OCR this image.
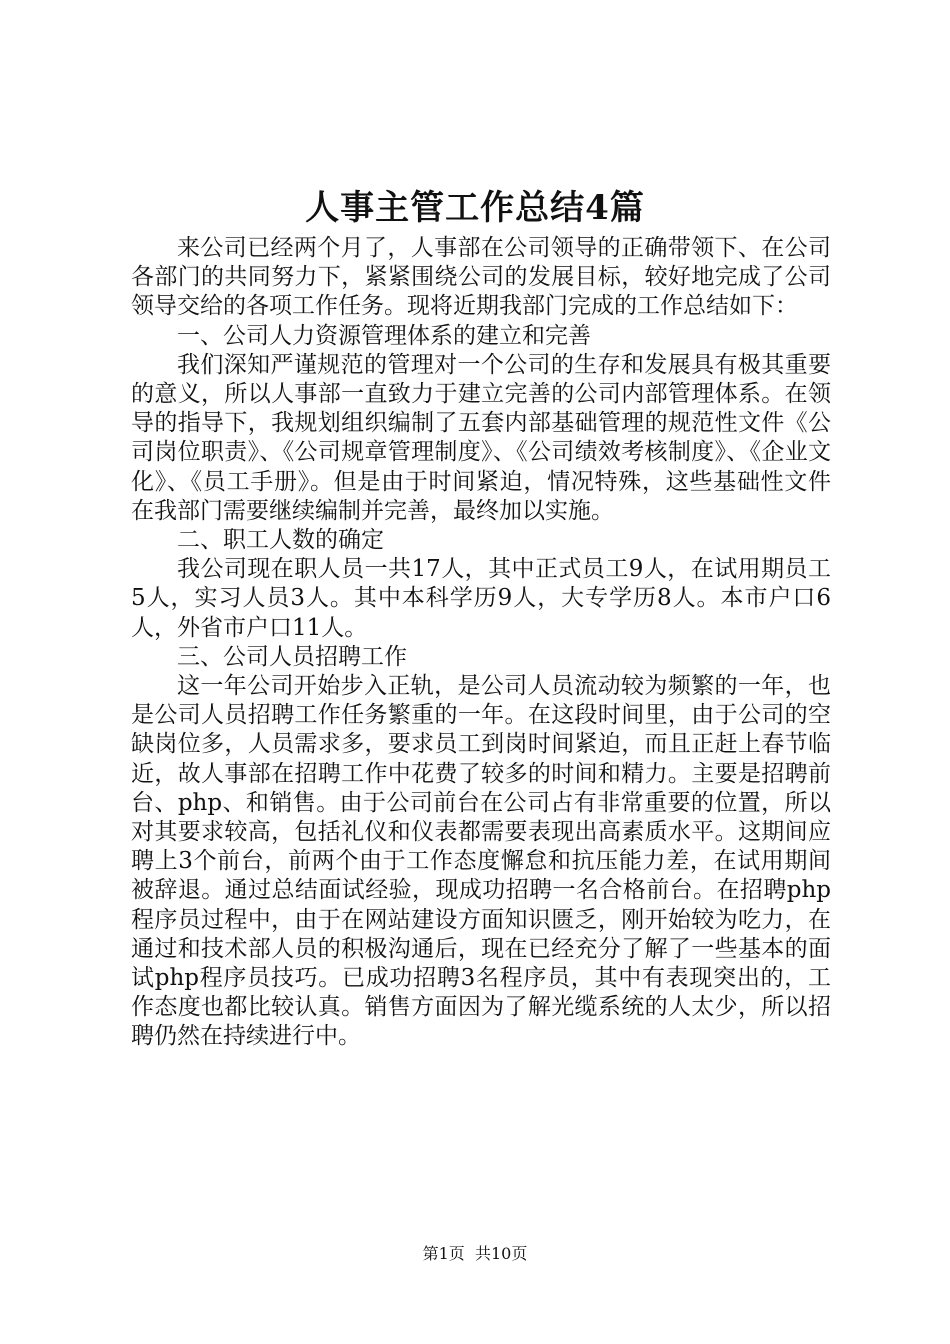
人事主管工作总结4篇

来公司已经两个月了，人事部在公司领导的正确带领下、在公司各部门的共同努力下，紧紧围绕公司的发展目标，较好地完成了公司领导交给的各项工作任务。现将近期我部门完成的工作总结如下：

一、公司人力资源管理体系的建立和完善

我们深知严谨规范的管理对一个公司的生存和发展具有极其重要的意义，所以人事部一直致力于建立完善的公司内部管理体系。在领导的指导下，我规划组织编制了五套内部基础管理的规范性文件《公司岗位职责》、《公司规章管理制度》、《公司绩效考核制度》、《企业文化》、《员工手册》。但是由于时间紧迫，情况特殊，这些基础性文件在我部门需要继续编制并完善，最终加以实施。

二、职工人数的确定

我公司现在职人员一共17人，其中正式员工9人，在试用期员工5人，实习人员3人。其中本科学历9人，大专学历8人。本市户口6人，外省市户口11人。

三、公司人员招聘工作

这一年公司开始步入正轨，是公司人员流动较为频繁的一年，也是公司人员招聘工作任务繁重的一年。在这段时间里，由于公司的空缺岗位多，人员需求多，要求员工到岗时间紧迫，而且正赶上春节临近，故人事部在招聘工作中花费了较多的时间和精力。主要是招聘前台、php、和销售。由于公司前台在公司占有非常重要的位置，所以对其要求较高，包括礼仪和仪表都需要表现出高素质水平。这期间应聘上3个前台，前两个由于工作态度懈怠和抗压能力差，在试用期间被辞退。通过总结面试经验，现成功招聘一名合格前台。在招聘php程序员过程中，由于在网站建设方面知识匮乏，刚开始较为吃力，在通过和技术部人员的积极沟通后，现在已经充分了解了一些基本的面试php程序员技巧。已成功招聘3名程序员，其中有表现突出的，工作态度也都比较认真。销售方面因为了解光缆系统的人太少，所以招聘仍然在持续进行中。

第1页 共10页
